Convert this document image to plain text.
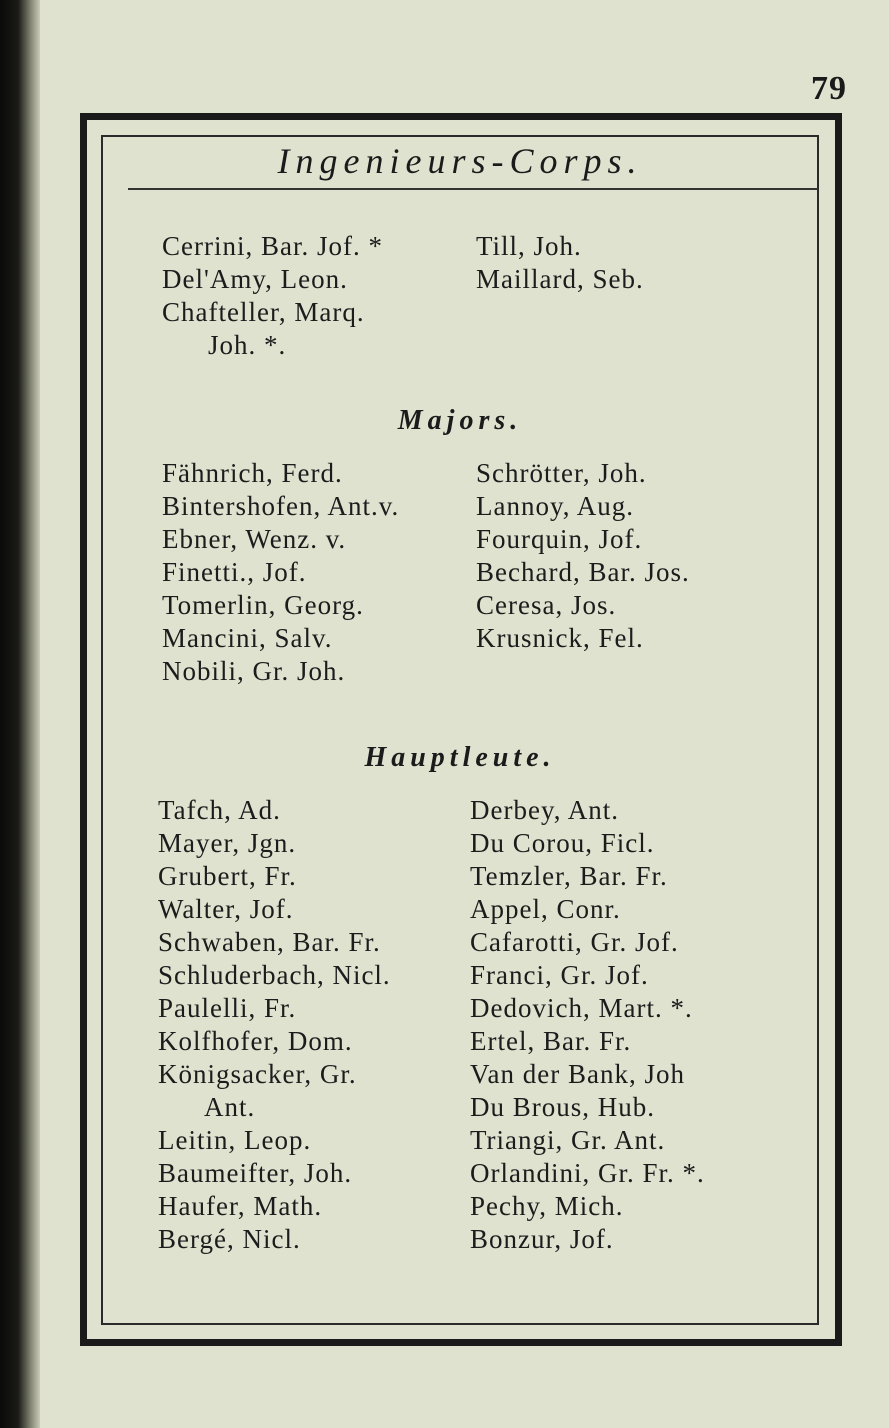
79
Ingenieurs-Corps.
Cerrini, Bar. Jof. *
Del'Amy, Leon.
Chafteller, Marq.
Joh. *.
Till, Joh.
Maillard, Seb.
Majors.
Fähnrich, Ferd.
Bintershofen, Ant.v.
Ebner, Wenz. v.
Finetti., Jof.
Tomerlin, Georg.
Mancini, Salv.
Nobili, Gr. Joh.
Schrötter, Joh.
Lannoy, Aug.
Fourquin, Jof.
Bechard, Bar. Jos.
Ceresa, Jos.
Krusnick, Fel.
Hauptleute.
Tafch, Ad.
Mayer, Jgn.
Grubert, Fr.
Walter, Jof.
Schwaben, Bar. Fr.
Schluderbach, Nicl.
Paulelli, Fr.
Kolfhofer, Dom.
Königsacker, Gr.
Ant.
Leitin, Leop.
Baumeifter, Joh.
Haufer, Math.
Bergé, Nicl.
Derbey, Ant.
Du Corou, Ficl.
Temzler, Bar. Fr.
Appel, Conr.
Cafarotti, Gr. Jof.
Franci, Gr. Jof.
Dedovich, Mart. *.
Ertel, Bar. Fr.
Van der Bank, Joh
Du Brous, Hub.
Triangi, Gr. Ant.
Orlandini, Gr. Fr. *.
Pechy, Mich.
Bonzur, Jof.
